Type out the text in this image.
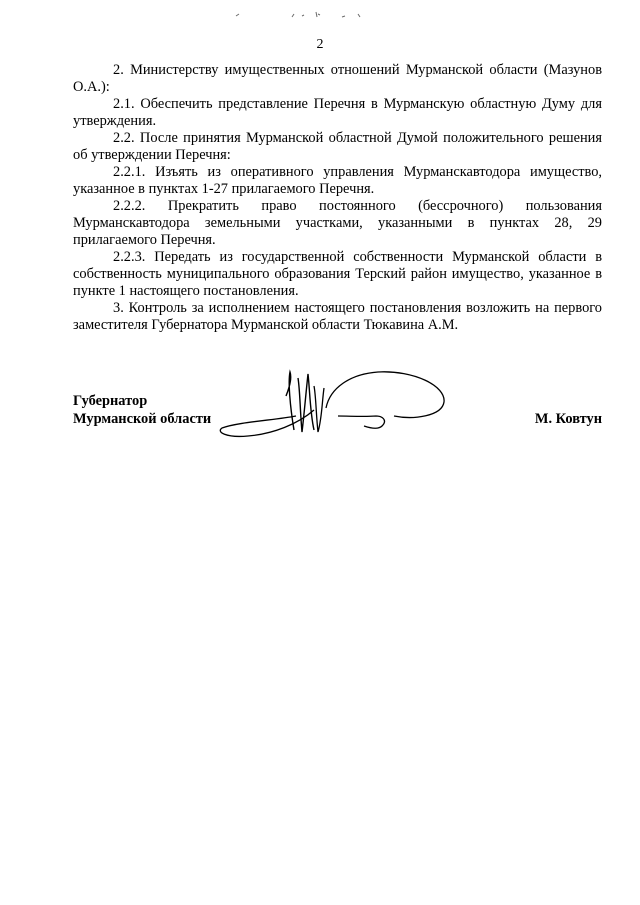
2

2. Министерству имущественных отношений Мурманской области (Мазунов О.А.):

2.1. Обеспечить представление Перечня в Мурманскую областную Думу для утверждения.

2.2. После принятия Мурманской областной Думой положительного решения об утверждении Перечня:

2.2.1. Изъять из оперативного управления Мурманскавтодора имущество, указанное в пунктах 1-27 прилагаемого Перечня.

2.2.2. Прекратить право постоянного (бессрочного) пользования Мурманскавтодора земельными участками, указанными в пунктах 28, 29 прилагаемого Перечня.

2.2.3. Передать из государственной собственности Мурманской области в собственность муниципального образования Терский район имущество, указанное в пункте 1 настоящего постановления.

3. Контроль за исполнением настоящего постановления возложить на первого заместителя Губернатора Мурманской области Тюкавина А.М.

Губернатор
Мурманской области	М. Ковтун
